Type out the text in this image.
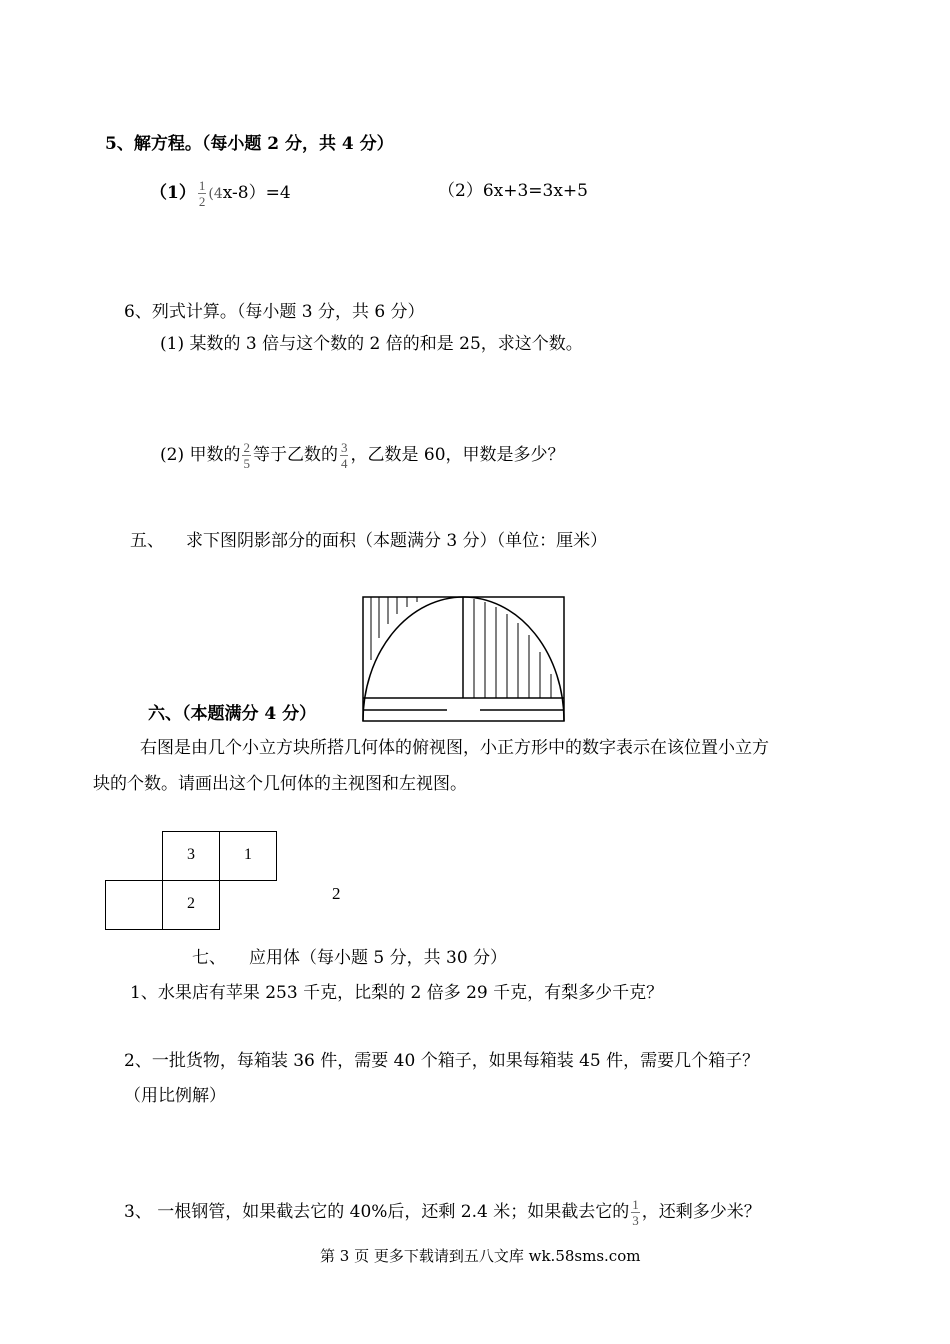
5、解方程。（每小题 2 分，共 4 分）
$(1) \frac{1}{2} (4x-8)=4$	（2）6x+3=3x+5
6、列式计算。（每小题 3 分，共 6 分）
(1) 某数的 3 倍与这个数的 2 倍的和是 25，求这个数。
(2) 甲数的 $\frac{2}{5}$ 等于乙数的 $\frac{3}{4}$ ，乙数是 60，甲数是多少？
五、 求下图阴影部分的面积（本题满分 3 分）（单位：厘米）
六、（本题满分 4 分）
右图是由几个小立方块所搭几何体的俯视图，小正方形中的数字表示在该位置小立方
块的个数。请画出这个几何体的主视图和左视图。
3	1
2
2
七、 应用体（每小题 5 分，共 30 分）
1、水果店有苹果 253 千克，比梨的 2 倍多 29 千克，有梨多少千克？
2、一批货物，每箱装 36 件，需要 40 个箱子，如果每箱装 45 件，需要几个箱子？
（用比例解）
3、 一根钢管，如果截去它的 40%后，还剩 2.4 米；如果截去它的 $\frac{1}{3}$ ，还剩多少米？
第 3 页 更多下载请到五八文库 wk.58sms.com
